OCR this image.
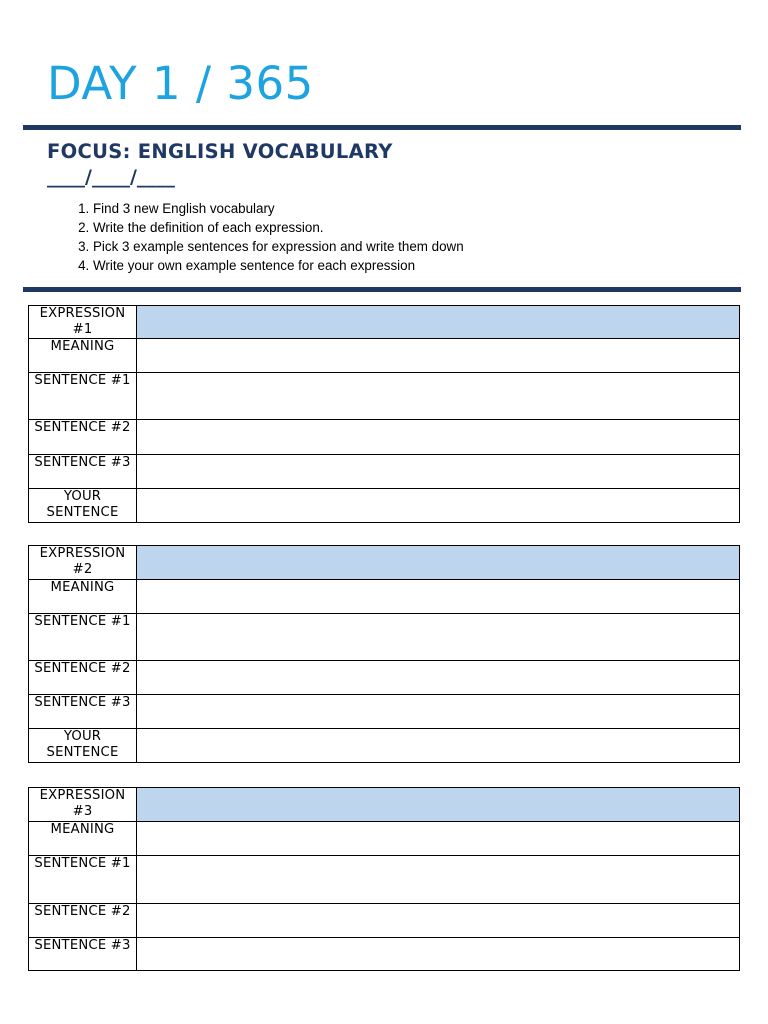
DAY 1 / 365
FOCUS: ENGLISH VOCABULARY
____/____/____
1. Find 3 new English vocabulary
2. Write the definition of each expression.
3. Pick 3 example sentences for expression and write them down
4. Write your own example sentence for each expression
EXPRESSION #1	

MEANING	

SENTENCE #1	

SENTENCE #2	

SENTENCE #3	

YOUR SENTENCE	

EXPRESSION #2	

MEANING	

SENTENCE #1	

SENTENCE #2	

SENTENCE #3	

YOUR SENTENCE	

EXPRESSION #3	

MEANING	

SENTENCE #1	

SENTENCE #2	

SENTENCE #3	
